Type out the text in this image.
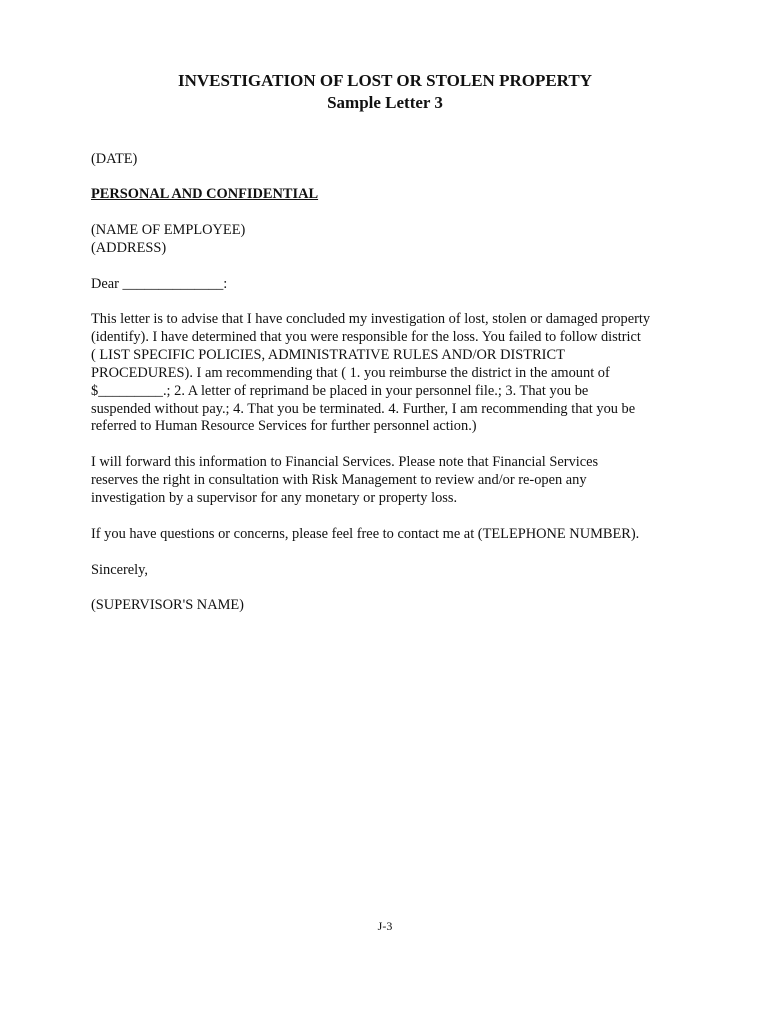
INVESTIGATION OF LOST OR STOLEN PROPERTY
Sample Letter 3
(DATE)
PERSONAL AND CONFIDENTIAL
(NAME OF EMPLOYEE)
(ADDRESS)
Dear ______________:
This letter is to advise that I have concluded my investigation of lost, stolen or damaged property
(identify). I have determined that you were responsible for the loss. You failed to follow district
( LIST SPECIFIC POLICIES, ADMINISTRATIVE RULES AND/OR DISTRICT
PROCEDURES). I am recommending that ( 1. you reimburse the district in the amount of
$_________.; 2. A letter of reprimand be placed in your personnel file.; 3. That you be
suspended without pay.; 4. That you be terminated. 4. Further, I am recommending that you be
referred to Human Resource Services for further personnel action.)
I will forward this information to Financial Services. Please note that Financial Services
reserves the right in consultation with Risk Management to review and/or re-open any
investigation by a supervisor for any monetary or property loss.
If you have questions or concerns, please feel free to contact me at (TELEPHONE NUMBER).
Sincerely,
(SUPERVISOR'S NAME)
J-3
